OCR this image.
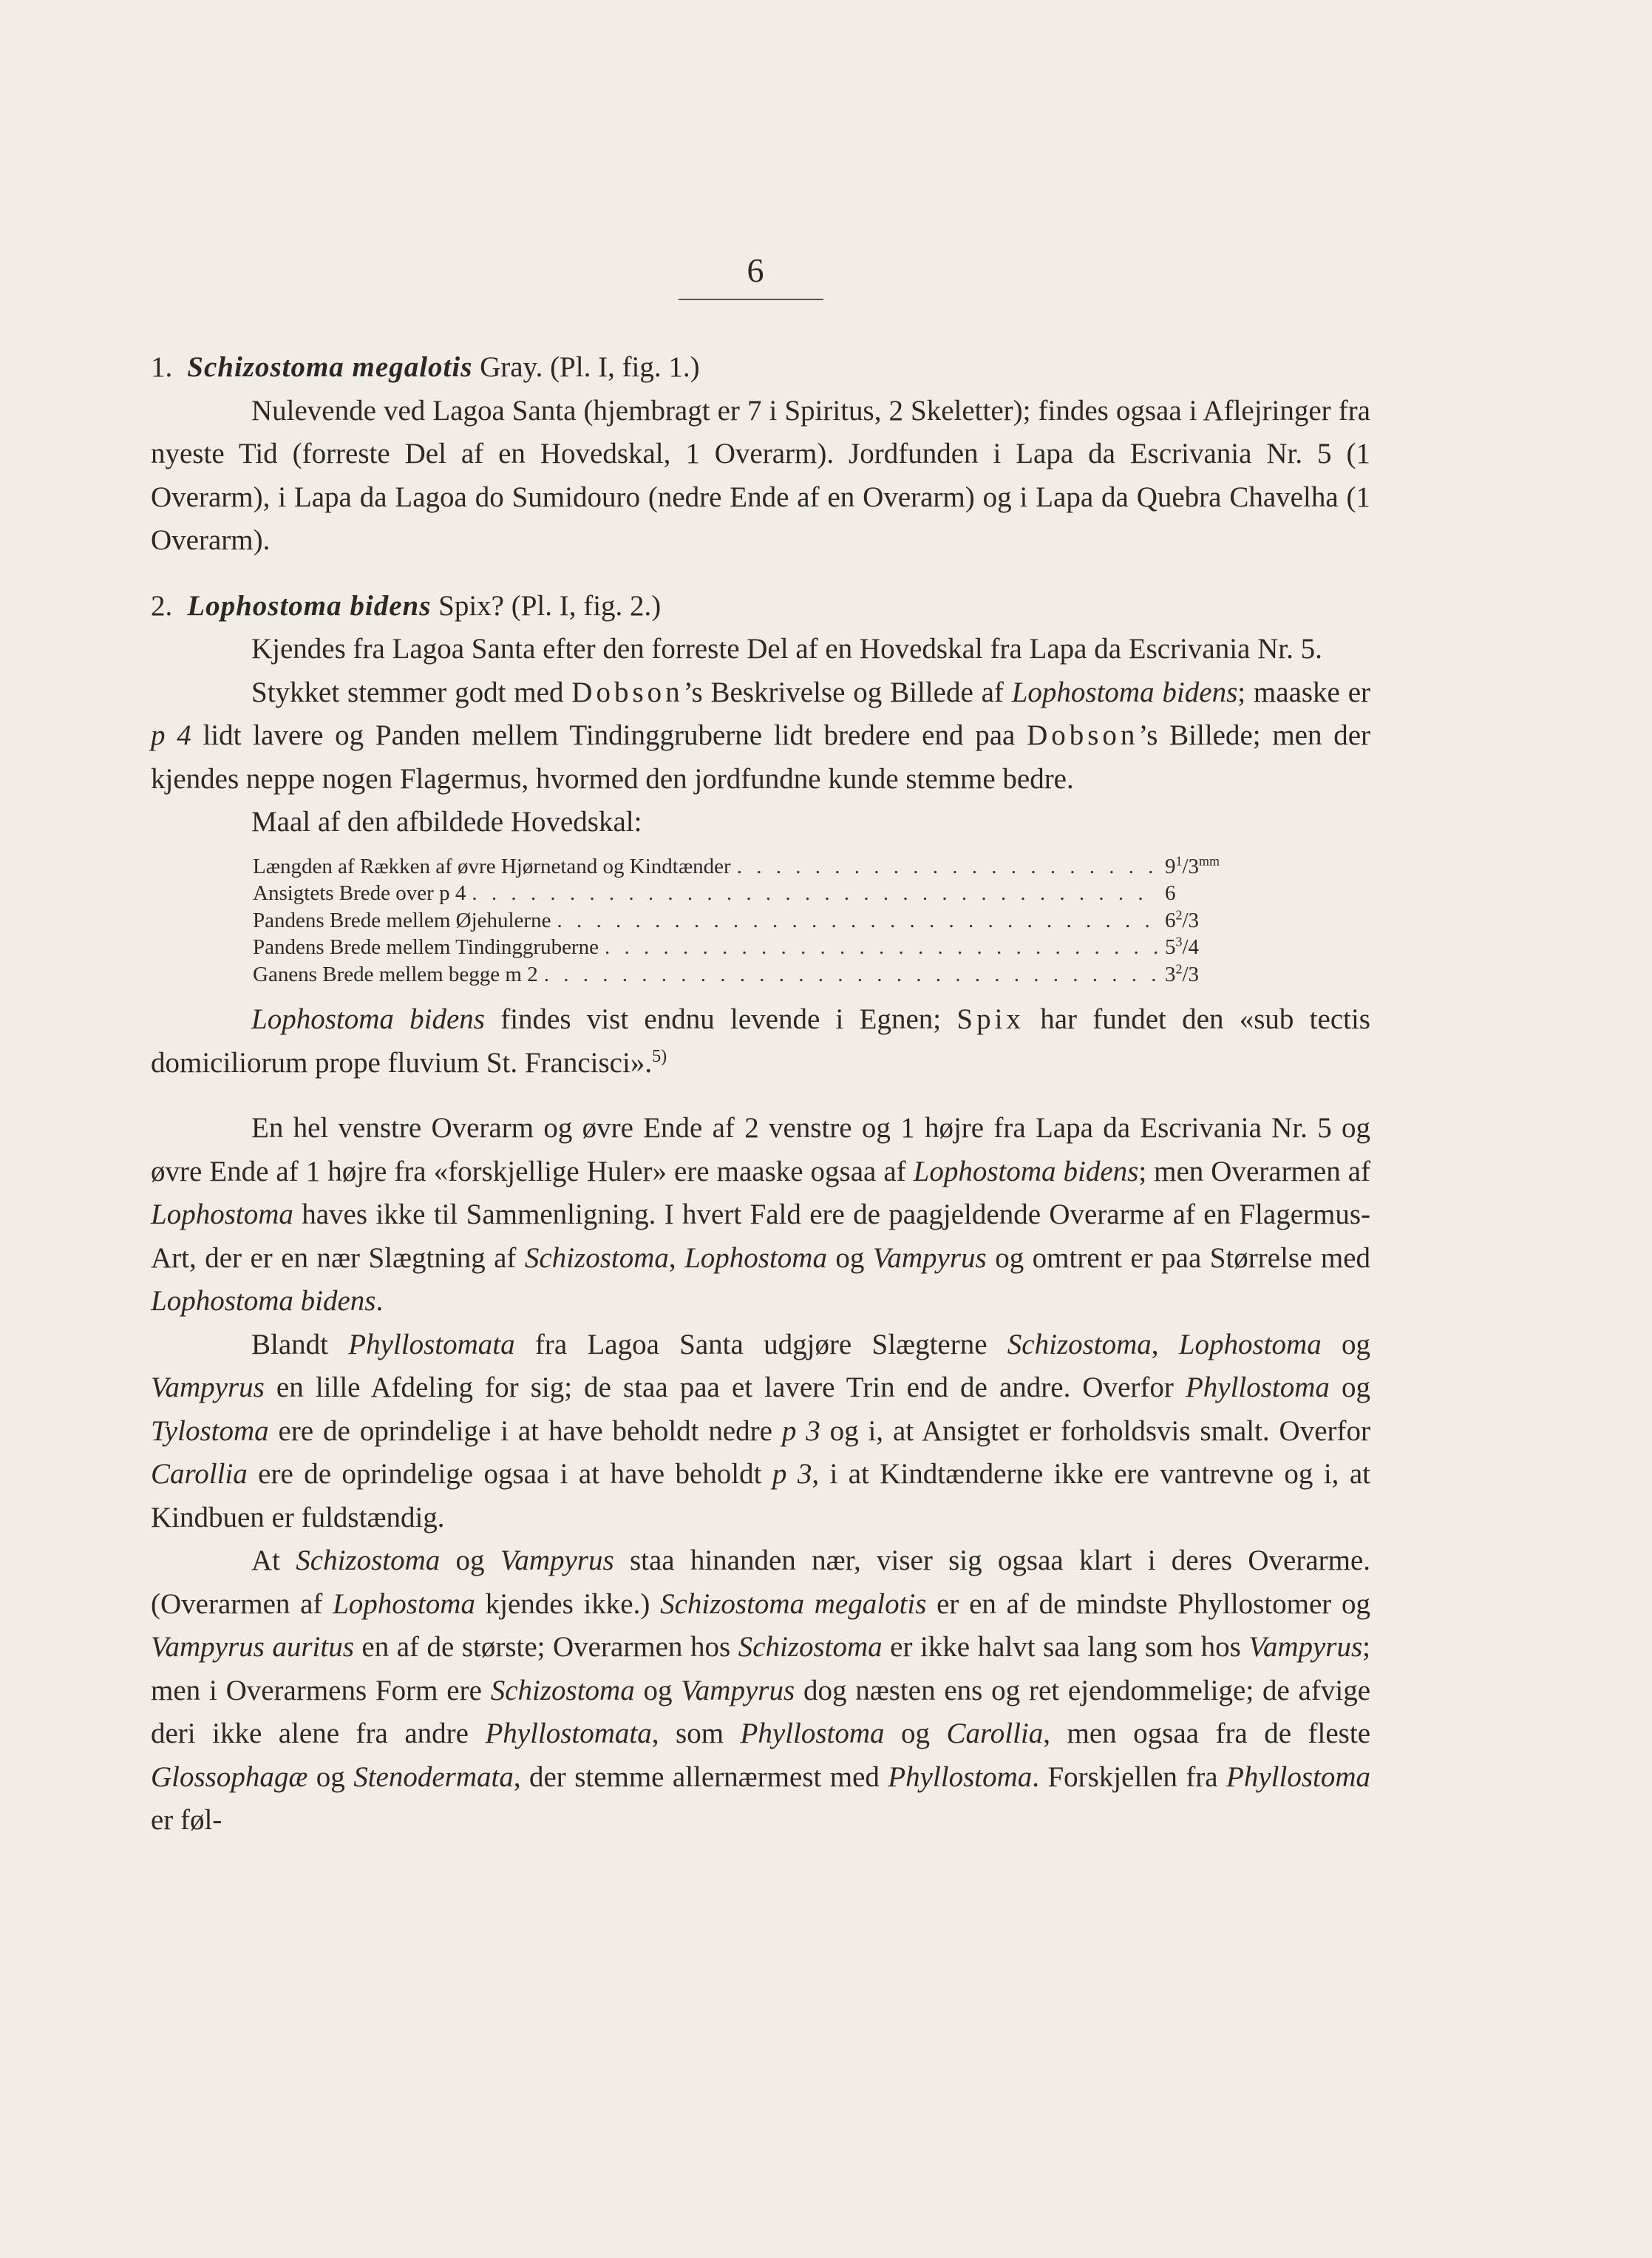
6

1. Schizostoma megalotis Gray. (Pl. I, fig. 1.)

Nulevende ved Lagoa Santa (hjembragt er 7 i Spiritus, 2 Skeletter); findes ogsaa i Aflejringer fra nyeste Tid (forreste Del af en Hovedskal, 1 Overarm). Jordfunden i Lapa da Escrivania Nr. 5 (1 Overarm), i Lapa da Lagoa do Sumidouro (nedre Ende af en Overarm) og i Lapa da Quebra Chavelha (1 Overarm).

2. Lophostoma bidens Spix? (Pl. I, fig. 2.)

Kjendes fra Lagoa Santa efter den forreste Del af en Hovedskal fra Lapa da Escrivania Nr. 5.

Stykket stemmer godt med Dobson’s Beskrivelse og Billede af Lophostoma bidens; maaske er p 4 lidt lavere og Panden mellem Tindinggruberne lidt bredere end paa Dobson’s Billede; men der kjendes neppe nogen Flagermus, hvormed den jordfundne kunde stemme bedre.

Maal af den afbildede Hovedskal:

Længden af Rækken af øvre Hjørnetand og Kindtænder . . .	$9^1/3^{mm}$
Ansigtets Brede over p 4 . . .	6
Pandens Brede mellem Øjehulerne . . .	$6^2/3$
Pandens Brede mellem Tindinggruberne . . .	$5^3/4$
Ganens Brede mellem begge m 2 . . .	$3^2/3$

Lophostoma bidens findes vist endnu levende i Egnen; Spix har fundet den «sub tectis domiciliorum prope fluvium St. Francisci».$^{5)}$

En hel venstre Overarm og øvre Ende af 2 venstre og 1 højre fra Lapa da Escrivania Nr. 5 og øvre Ende af 1 højre fra «forskjellige Huler» ere maaske ogsaa af Lophostoma bidens; men Overarmen af Lophostoma haves ikke til Sammenligning. I hvert Fald ere de paagjeldende Overarme af en Flagermus-Art, der er en nær Slægtning af Schizostoma, Lophostoma og Vampyrus og omtrent er paa Størrelse med Lophostoma bidens.

Blandt Phyllostomata fra Lagoa Santa udgjøre Slægterne Schizostoma, Lophostoma og Vampyrus en lille Afdeling for sig; de staa paa et lavere Trin end de andre. Overfor Phyllostoma og Tylostoma ere de oprindelige i at have beholdt nedre p 3 og i, at Ansigtet er forholdsvis smalt. Overfor Carollia ere de oprindelige ogsaa i at have beholdt p 3, i at Kindtænderne ikke ere vantrevne og i, at Kindbuen er fuldstændig.

At Schizostoma og Vampyrus staa hinanden nær, viser sig ogsaa klart i deres Overarme. (Overarmen af Lophostoma kjendes ikke.) Schizostoma megalotis er en af de mindste Phyllostomer og Vampyrus auritus en af de største; Overarmen hos Schizostoma er ikke halvt saa lang som hos Vampyrus; men i Overarmens Form ere Schizostoma og Vampyrus dog næsten ens og ret ejendommelige; de afvige deri ikke alene fra andre Phyllostomata, som Phyllostoma og Carollia, men ogsaa fra de fleste Glossophagæ og Stenodermata, der stemme allernærmest med Phyllostoma. Forskjellen fra Phyllostoma er føl-
